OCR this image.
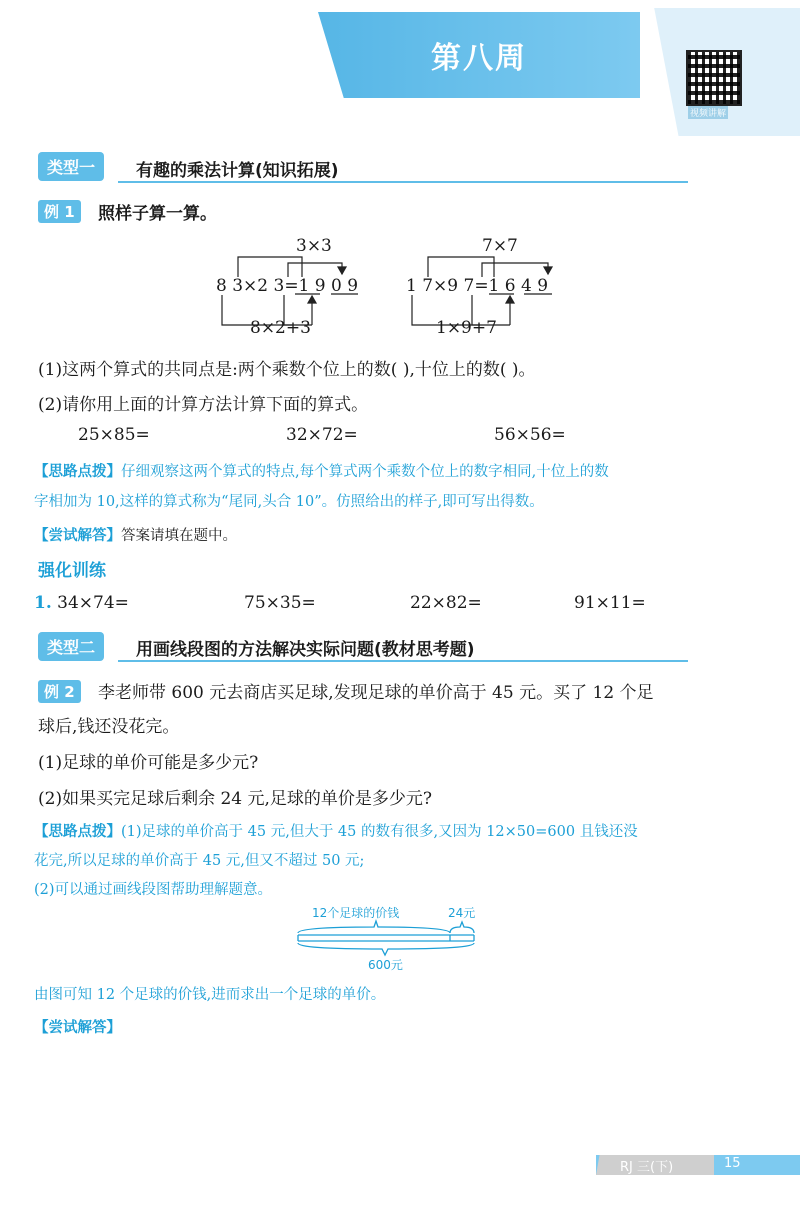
第八周
视频讲解
类型一	有趣的乘法计算(知识拓展)
例 1	照样子算一算。
3×3
8 3×2 3=1 9 0 9
8×2+3
7×7
1 7×9 7=1 6 4 9
1×9+7
(1)这两个算式的共同点是:两个乘数个位上的数( ),十位上的数( )。
(2)请你用上面的计算方法计算下面的算式。
25×85=	32×72=	56×56=
【思路点拨】仔细观察这两个算式的特点,每个算式两个乘数个位上的数字相同,十位上的数
字相加为 10,这样的算式称为“尾同,头合 10”。仿照给出的样子,即可写出得数。
【尝试解答】答案请填在题中。
强化训练
1. 34×74=	75×35=	22×82=	91×11=
类型二	用画线段图的方法解决实际问题(教材思考题)
例 2	李老师带 600 元去商店买足球,发现足球的单价高于 45 元。买了 12 个足
球后,钱还没花完。
(1)足球的单价可能是多少元?
(2)如果买完足球后剩余 24 元,足球的单价是多少元?
【思路点拨】(1)足球的单价高于 45 元,但大于 45 的数有很多,又因为 12×50=600 且钱还没
花完,所以足球的单价高于 45 元,但又不超过 50 元;
(2)可以通过画线段图帮助理解题意。
12个足球的价钱	24元
600元
由图可知 12 个足球的价钱,进而求出一个足球的单价。
【尝试解答】
RJ 三(下)	15
